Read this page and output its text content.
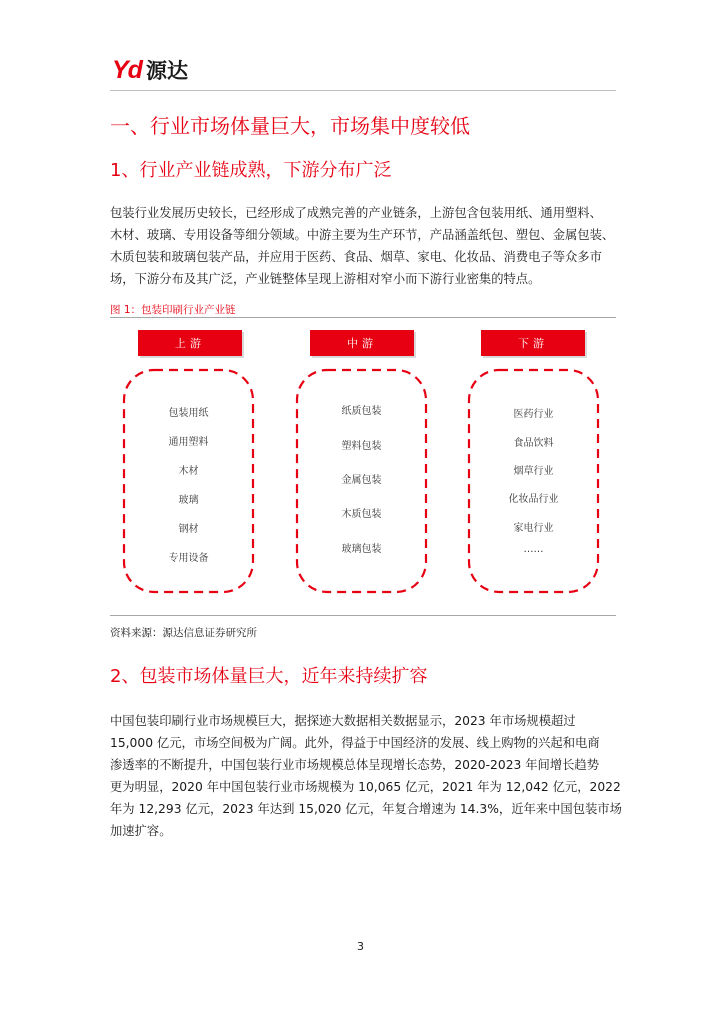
Yd 源达
一、行业市场体量巨大，市场集中度较低
1、行业产业链成熟，下游分布广泛
包装行业发展历史较长，已经形成了成熟完善的产业链条，上游包含包装用纸、通用塑料、
木材、玻璃、专用设备等细分领域。中游主要为生产环节，产品涵盖纸包、塑包、金属包装、
木质包装和玻璃包装产品，并应用于医药、食品、烟草、家电、化妆品、消费电子等众多市
场，下游分布及其广泛，产业链整体呈现上游相对窄小而下游行业密集的特点。
图 1：包装印刷行业产业链
上游	中游	下游
包装用纸
通用塑料
木材
玻璃
钢材
专用设备
纸质包装
塑料包装
金属包装
木质包装
玻璃包装
医药行业
食品饮料
烟草行业
化妆品行业
家电行业
……
资料来源：源达信息证券研究所
2、包装市场体量巨大，近年来持续扩容
中国包装印刷行业市场规模巨大，据探迹大数据相关数据显示，2023 年市场规模超过
15,000 亿元，市场空间极为广阔。此外，得益于中国经济的发展、线上购物的兴起和电商
渗透率的不断提升，中国包装行业市场规模总体呈现增长态势，2020-2023 年间增长趋势
更为明显，2020 年中国包装行业市场规模为 10,065 亿元，2021 年为 12,042 亿元，2022
年为 12,293 亿元，2023 年达到 15,020 亿元，年复合增速为 14.3%，近年来中国包装市场
加速扩容。
3
